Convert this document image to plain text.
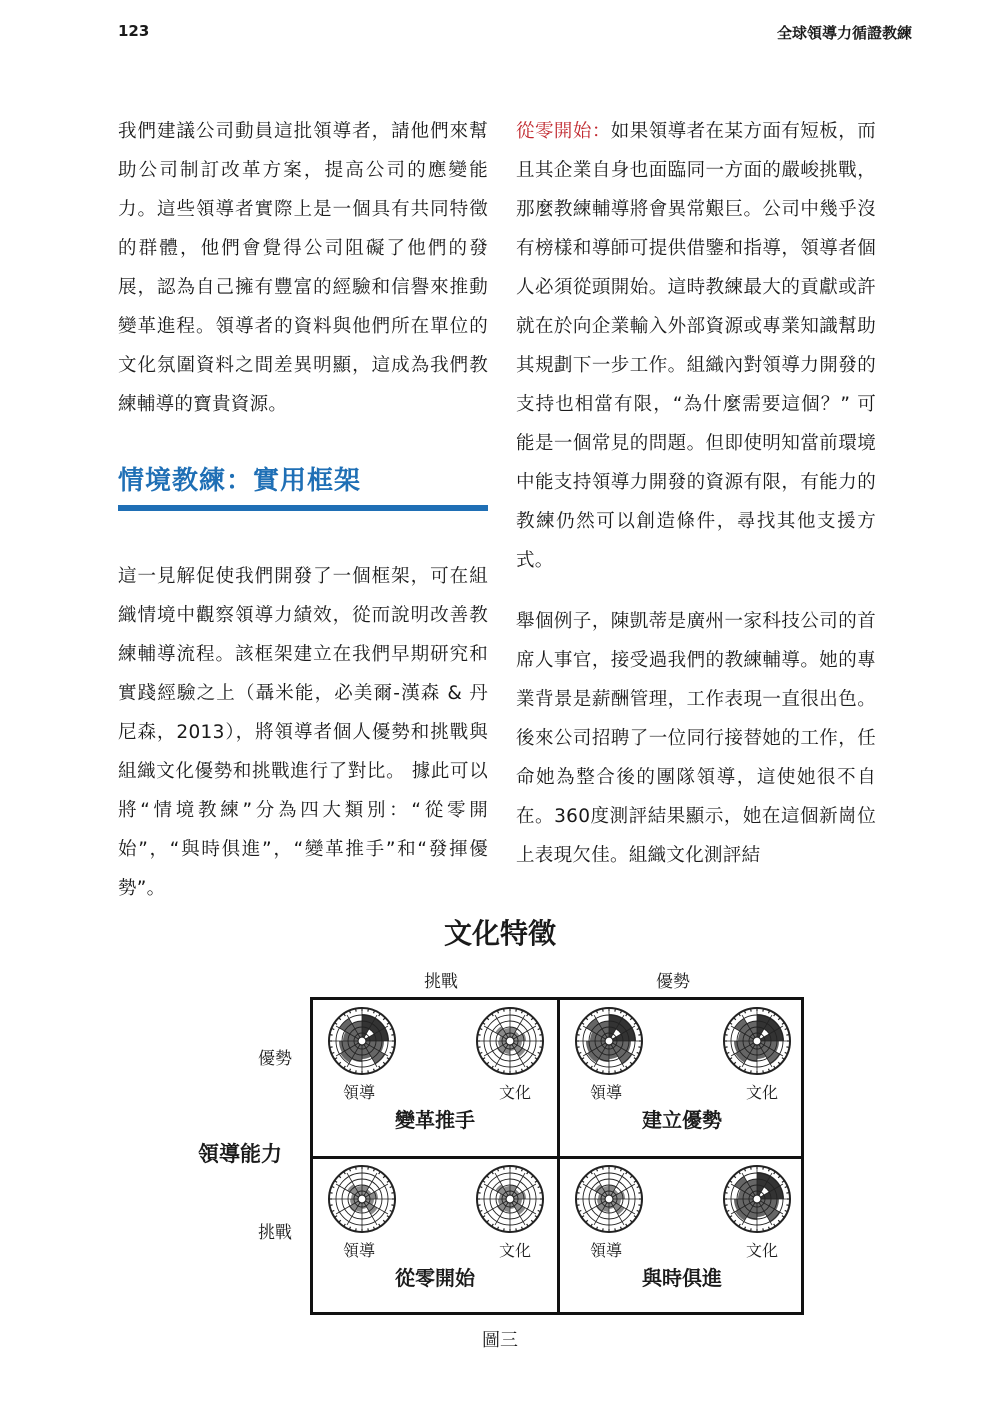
123	全球領導力循證教練

我們建議公司動員這批領導者，請他們來幫助公司制訂改革方案，提高公司的應變能力。這些領導者實際上是一個具有共同特徵的群體，他們會覺得公司阻礙了他們的發展，認為自己擁有豐富的經驗和信譽來推動變革進程。領導者的資料與他們所在單位的文化氛圍資料之間差異明顯，這成為我們教練輔導的寶貴資源。

情境教練：實用框架

這一見解促使我們開發了一個框架，可在組織情境中觀察領導力績效，從而說明改善教練輔導流程。該框架建立在我們早期研究和實踐經驗之上（聶米能，必美爾-漢森 & 丹尼森，2013），將領導者個人優勢和挑戰與組織文化優勢和挑戰進行了對比。 據此可以將“情境教練”分為四大類別：“從零開始”，“與時俱進”，“變革推手”和“發揮優勢”。

從零開始：如果領導者在某方面有短板，而且其企業自身也面臨同一方面的嚴峻挑戰，那麼教練輔導將會異常艱巨。公司中幾乎沒有榜樣和導師可提供借鑒和指導，領導者個人必須從頭開始。這時教練最大的貢獻或許就在於向企業輸入外部資源或專業知識幫助其規劃下一步工作。組織內對領導力開發的支持也相當有限，“為什麼需要這個？” 可能是一個常見的問題。但即使明知當前環境中能支持領導力開發的資源有限，有能力的教練仍然可以創造條件，尋找其他支援方式。

舉個例子，陳凱蒂是廣州一家科技公司的首席人事官，接受過我們的教練輔導。她的專業背景是薪酬管理，工作表現一直很出色。後來公司招聘了一位同行接替她的工作，任命她為整合後的團隊領導，這使她很不自在。360度測評結果顯示，她在這個新崗位上表現欠佳。組織文化測評結

文化特徵
挑戰	優勢
優勢
挑戰
領導能力
領導	文化
變革推手
領導	文化
建立優勢
領導	文化
從零開始
領導	文化
與時俱進
圖三
